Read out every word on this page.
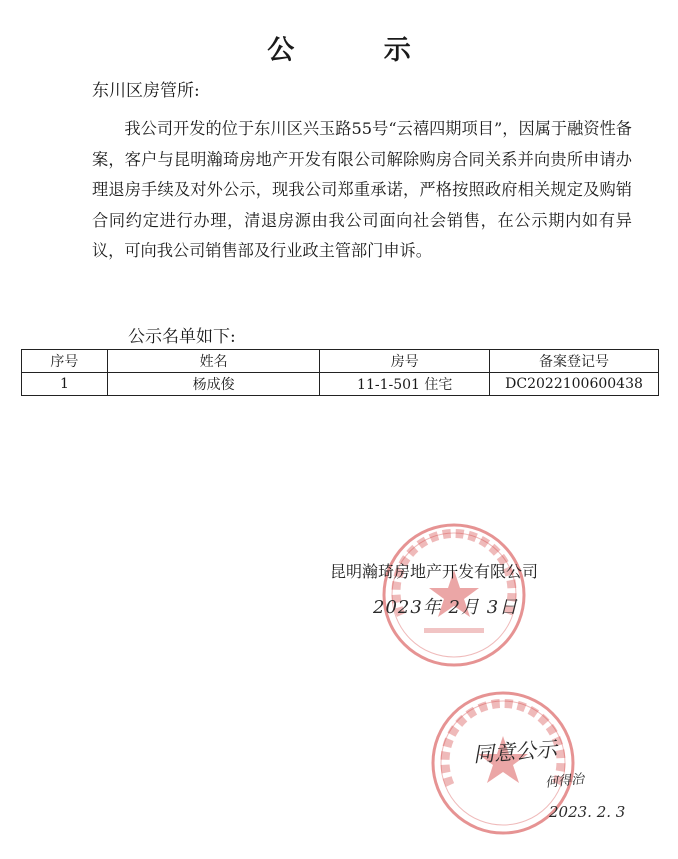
公 示
东川区房管所:

我公司开发的位于东川区兴玉路55号“云禧四期项目”，因属于融资性备案，客户与昆明瀚琦房地产开发有限公司解除购房合同关系并向贵所申请办理退房手续及对外公示，现我公司郑重承诺，严格按照政府相关规定及购销合同约定进行办理，清退房源由我公司面向社会销售，在公示期内如有异议，可向我公司销售部及行业政主管部门申诉。

公示名单如下:
序号	姓名	房号	备案登记号
1	杨成俊	11-1-501 住宅	DC2022100600438
昆明瀚琦房地产开发有限公司
2023年 2月 3日
同意公示
何得治
2023. 2. 3
